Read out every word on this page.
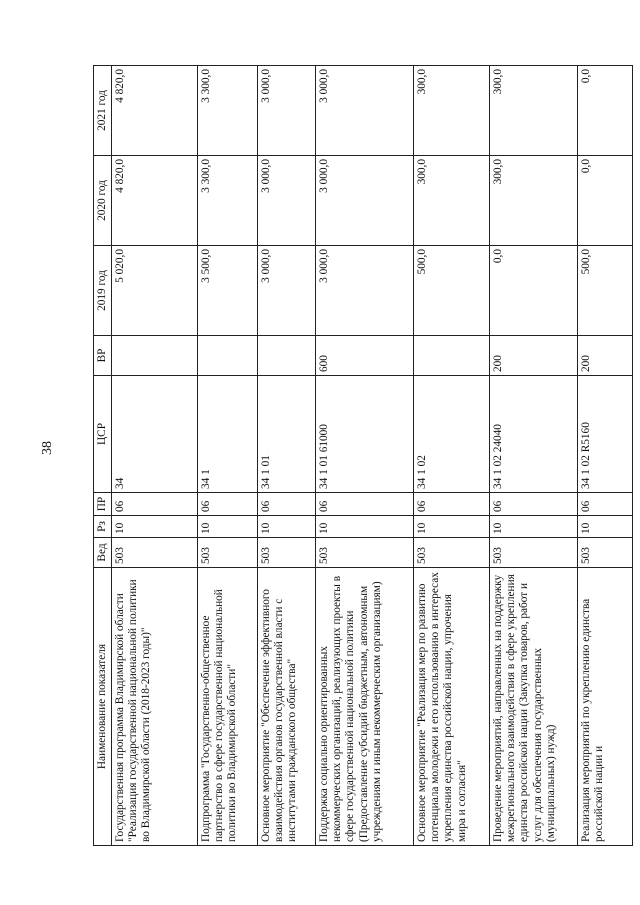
38
Наименование показателя	Вед	Рз	ПР	ЦСР	ВР	2019 год	2020 год	2021 год
Государственная программа Владимирской области "Реализация государственной национальной политики во Владимирской области (2018-2023 годы)"	503	10	06	34		5 020,0	4 820,0	4 820,0
Подпрограмма "Государственно-общественное партнерство в сфере государственной национальной политики во Владимирской области"	503	10	06	34 1		3 500,0	3 300,0	3 300,0
Основное мероприятие "Обеспечение эффективного взаимодействия органов государственной власти с институтами гражданского общества"	503	10	06	34 1 01		3 000,0	3 000,0	3 000,0
Поддержка социально ориентированных некоммерческих организаций, реализующих проекты в сфере государственной национальной политики (Предоставление субсидий бюджетным, автономным учреждениям и иным некоммерческим организациям)	503	10	06	34 1 01 61000	600	3 000,0	3 000,0	3 000,0
Основное мероприятие "Реализация мер по развитию потенциала молодежи и его использованию в интересах укрепления единства российской нации, упрочения мира и согласия"	503	10	06	34 1 02		500,0	300,0	300,0
Проведение мероприятий, направленных на поддержку межрегионального взаимодействия в сфере укрепления единства российской нации (Закупка товаров, работ и услуг для обеспечения государственных (муниципальных) нужд)	503	10	06	34 1 02 24040	200	0,0	300,0	300,0
Реализация мероприятий по укреплению единства российской нации и	503	10	06	34 1 02 R5160	200	500,0	0,0	0,0
